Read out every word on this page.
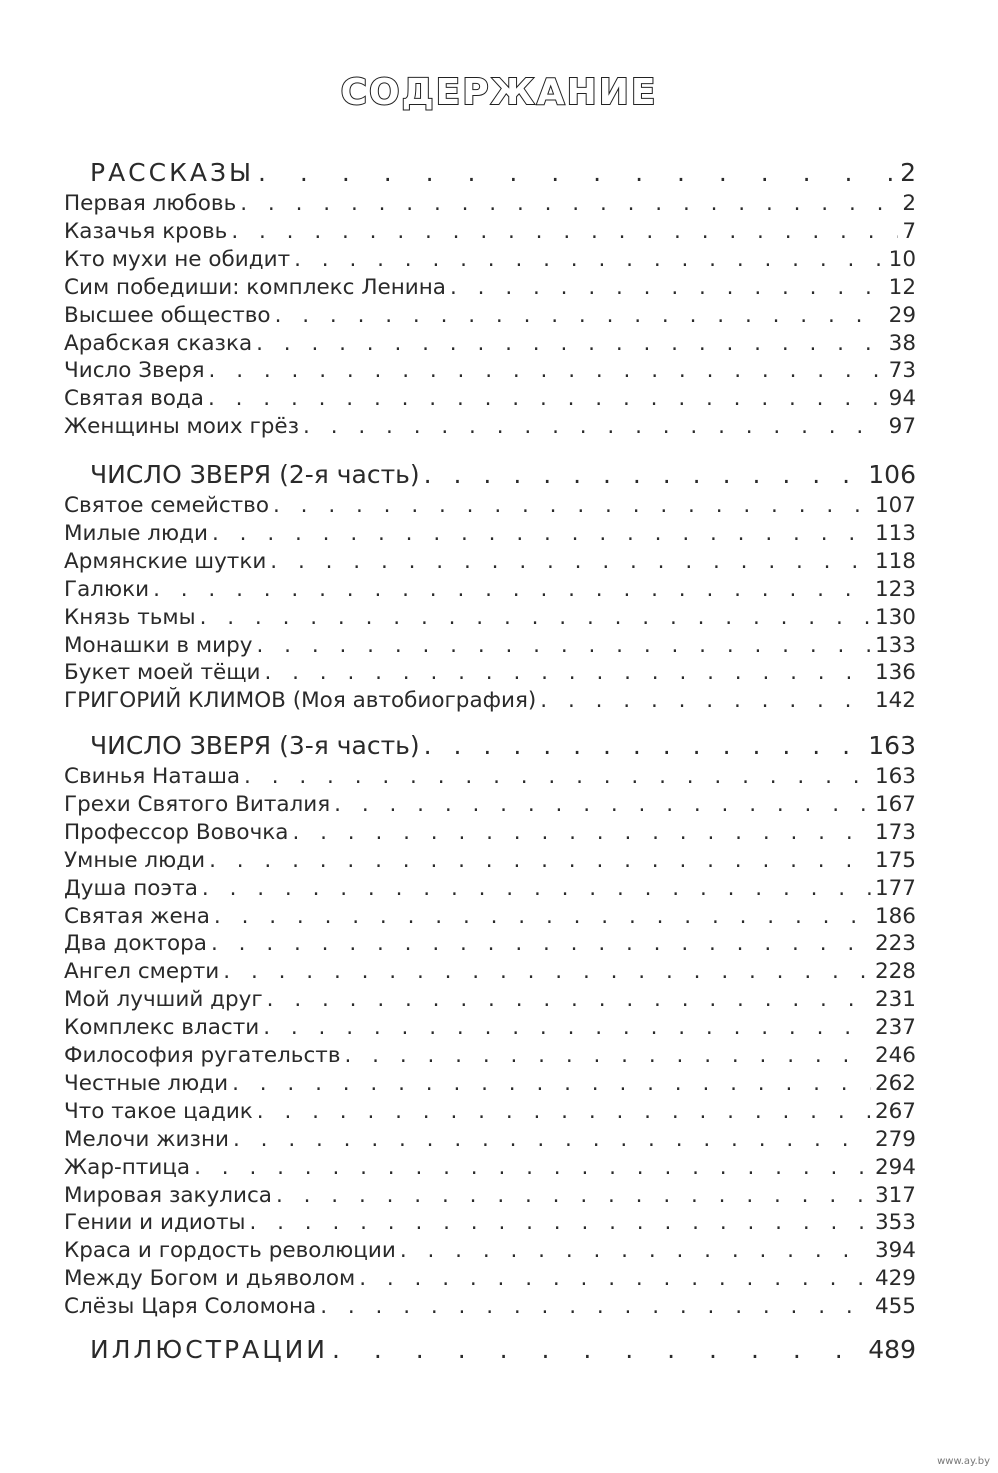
СОДЕРЖАНИЕ
РАССКАЗЫ . . .	2
Первая любовь . . .	2
Казачья кровь . . .	7
Кто мухи не обидит . . .	10
Сим победиши: комплекс Ленина . . .	12
Высшее общество . . .	29
Арабская сказка . . .	38
Число Зверя . . .	73
Святая вода . . .	94
Женщины моих грёз . . .	97
ЧИСЛО ЗВЕРЯ (2-я часть) . . .	106
Святое семейство . . .	107
Милые люди . . .	113
Армянские шутки . . .	118
Галюки . . .	123
Князь тьмы . . .	130
Монашки в миру . . .	133
Букет моей тёщи . . .	136
ГРИГОРИЙ КЛИМОВ (Моя автобиография) . . .	142
ЧИСЛО ЗВЕРЯ (3-я часть) . . .	163
Свинья Наташа . . .	163
Грехи Святого Виталия . . .	167
Профессор Вовочка . . .	173
Умные люди . . .	175
Душа поэта . . .	177
Святая жена . . .	186
Два доктора . . .	223
Ангел смерти . . .	228
Мой лучший друг . . .	231
Комплекс власти . . .	237
Философия ругательств . . .	246
Честные люди . . .	262
Что такое цадик . . .	267
Мелочи жизни . . .	279
Жар-птица . . .	294
Мировая закулиса . . .	317
Гении и идиоты . . .	353
Краса и гордость революции . . .	394
Между Богом и дьяволом . . .	429
Слёзы Царя Соломона . . .	455
ИЛЛЮСТРАЦИИ . . .	489
www.ay.by
